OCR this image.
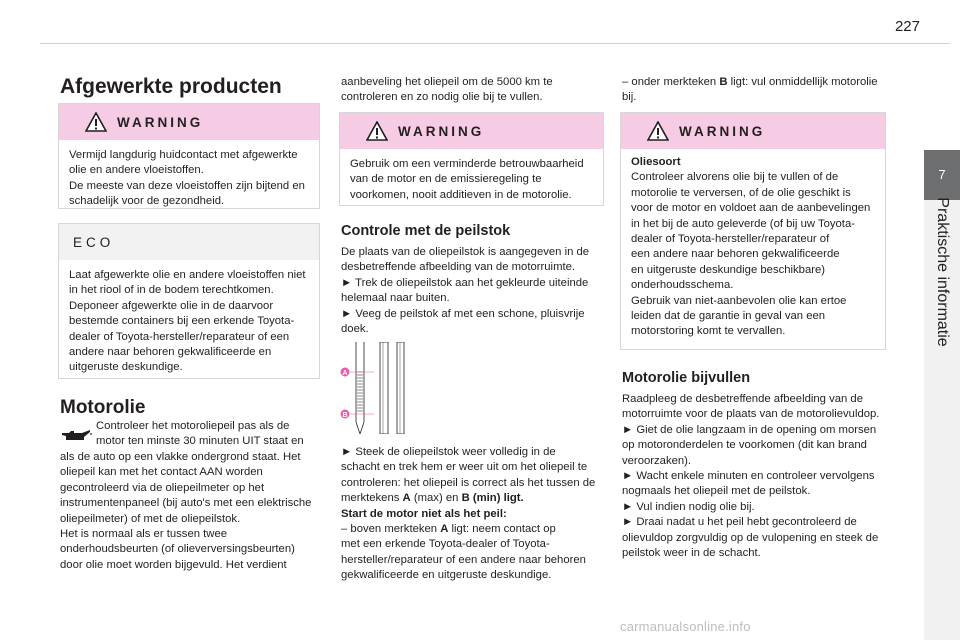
227
7
Praktische informatie
Afgewerkte producten
WARNING
Vermijd langdurig huidcontact met afgewerkte
olie en andere vloeistoffen.
De meeste van deze vloeistoffen zijn bijtend en
schadelijk voor de gezondheid.
ECO
Laat afgewerkte olie en andere vloeistoffen niet
in het riool of in de bodem terechtkomen.
Deponeer afgewerkte olie in de daarvoor
bestemde containers bij een erkende Toyota-
dealer of Toyota-hersteller/reparateur of een
andere naar behoren gekwalificeerde en
uitgeruste deskundige.
Motorolie
Controleer het motoroliepeil pas als de
motor ten minste 30 minuten UIT staat en
als de auto op een vlakke ondergrond staat. Het
oliepeil kan met het contact AAN worden
gecontroleerd via de oliepeilmeter op het
instrumentenpaneel (bij auto's met een elektrische
oliepeilmeter) of met de oliepeilstok.
Het is normaal als er tussen twee
onderhoudsbeurten (of olieverversingsbeurten)
door olie moet worden bijgevuld. Het verdient
aanbeveling het oliepeil om de 5000 km te
controleren en zo nodig olie bij te vullen.
WARNING
Gebruik om een verminderde betrouwbaarheid
van de motor en de emissieregeling te
voorkomen, nooit additieven in de motorolie.
Controle met de peilstok
De plaats van de oliepeilstok is aangegeven in de
desbetreffende afbeelding van de motorruimte.
► Trek de oliepeilstok aan het gekleurde uiteinde
helemaal naar buiten.
► Veeg de peilstok af met een schone, pluisvrije
doek.
A
B
► Steek de oliepeilstok weer volledig in de
schacht en trek hem er weer uit om het oliepeil te
controleren: het oliepeil is correct als het tussen de
merktekens A (max) en B (min) ligt.
Start de motor niet als het peil:
– boven merkteken A ligt: neem contact op
met een erkende Toyota-dealer of Toyota-
hersteller/reparateur of een andere naar behoren
gekwalificeerde en uitgeruste deskundige.
– onder merkteken B ligt: vul onmiddellijk motorolie
bij.
WARNING
Oliesoort
Controleer alvorens olie bij te vullen of de
motorolie te verversen, of de olie geschikt is
voor de motor en voldoet aan de aanbevelingen
in het bij de auto geleverde (of bij uw Toyota-
dealer of Toyota-hersteller/reparateur of
een andere naar behoren gekwalificeerde
en uitgeruste deskundige beschikbare)
onderhoudsschema.
Gebruik van niet-aanbevolen olie kan ertoe
leiden dat de garantie in geval van een
motorstoring komt te vervallen.
Motorolie bijvullen
Raadpleeg de desbetreffende afbeelding van de
motorruimte voor de plaats van de motorolievuldop.
► Giet de olie langzaam in de opening om morsen
op motoronderdelen te voorkomen (dit kan brand
veroorzaken).
► Wacht enkele minuten en controleer vervolgens
nogmaals het oliepeil met de peilstok.
► Vul indien nodig olie bij.
► Draai nadat u het peil hebt gecontroleerd de
olievuldop zorgvuldig op de vulopening en steek de
peilstok weer in de schacht.
carmanualsonline.info
